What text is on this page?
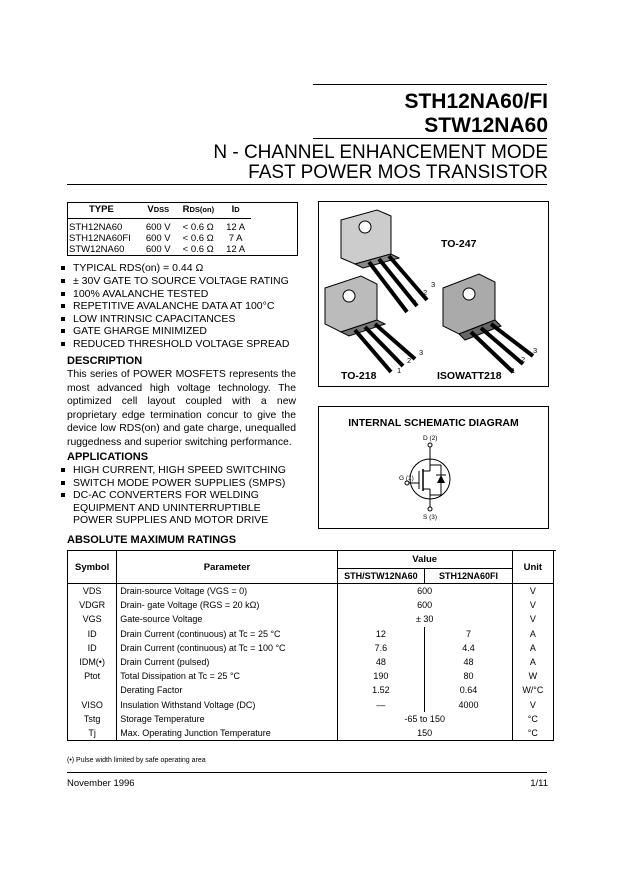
STH12NA60/FI
STW12NA60
N - CHANNEL ENHANCEMENT MODE
FAST POWER MOS TRANSISTOR
TYPE	VDSS	RDS(on)	ID

STH12NA60	600 V	< 0.6 Ω	12 A
STH12NA60FI	600 V	< 0.6 Ω	7 A
STW12NA60	600 V	< 0.6 Ω	12 A
TYPICAL RDS(on) = 0.44 Ω
± 30V GATE TO SOURCE VOLTAGE RATING
100% AVALANCHE TESTED
REPETITIVE AVALANCHE DATA AT 100°C
LOW INTRINSIC CAPACITANCES
GATE GHARGE MINIMIZED
REDUCED THRESHOLD VOLTAGE SPREAD
DESCRIPTION
This series of POWER MOSFETS represents the most advanced high voltage technology. The optimized cell layout coupled with a new proprietary edge termination concur to give the device low RDS(on) and gate charge, unequalled ruggedness and superior switching performance.
APPLICATIONS
HIGH CURRENT, HIGH SPEED SWITCHING
SWITCH MODE POWER SUPPLIES (SMPS)
DC-AC CONVERTERS FOR WELDING
EQUIPMENT AND UNINTERRUPTIBLE
POWER SUPPLIES AND MOTOR DRIVE
TO-247
TO-218	ISOWATT218
1
2
3
1
2
3
1
2
3
INTERNAL SCHEMATIC DIAGRAM
D (2)
G (1)
S (3)
ABSOLUTE MAXIMUM RATINGS
Symbol	Parameter	Value		Unit
		STH/STW12NA60	STH12NA60FI	
VDS	Drain-source Voltage (VGS = 0)	600		V
VDGR	Drain- gate Voltage (RGS = 20 kΩ)	600		V
VGS	Gate-source Voltage	± 30		V
ID	Drain Current (continuous) at Tc = 25 °C	12	7	A
ID	Drain Current (continuous) at Tc = 100 °C	7.6	4.4	A
IDM(•)	Drain Current (pulsed)	48	48	A
Ptot	Total Dissipation at Tc = 25 °C	190	80	W
	Derating Factor	1.52	0.64	W/°C
VISO	Insulation Withstand Voltage (DC)	—	4000	V
Tstg	Storage Temperature	-65 to 150		°C
Tj	Max. Operating Junction Temperature	150		°C
(•) Pulse width limited by safe operating area
November 1996	1/11
